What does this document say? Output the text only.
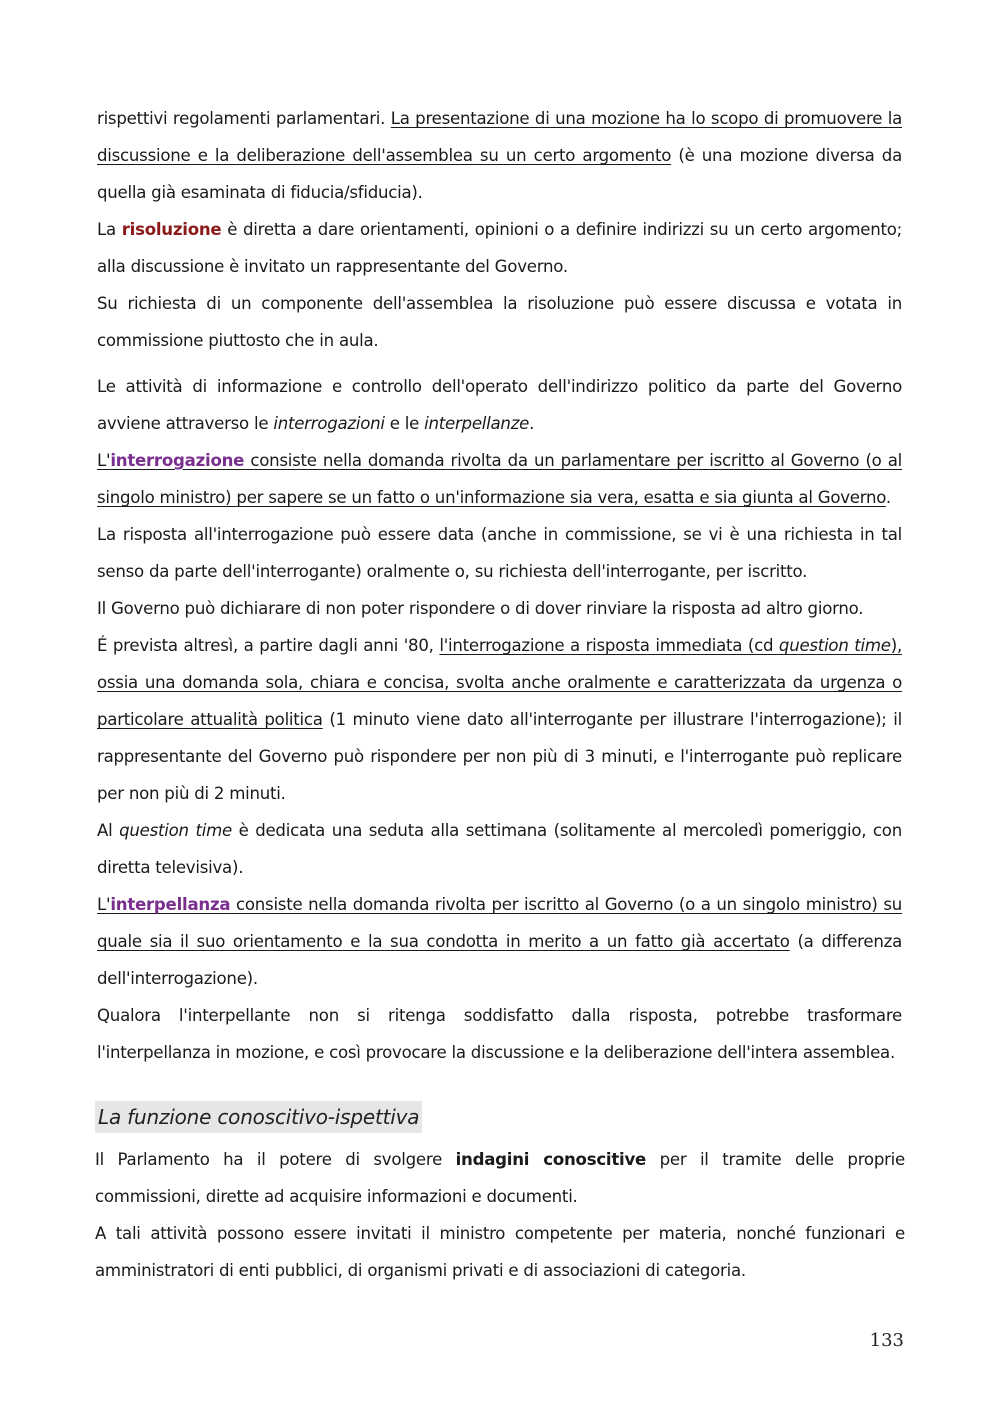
rispettivi regolamenti parlamentari. La presentazione di una mozione ha lo scopo di promuovere la discussione e la deliberazione dell'assemblea su un certo argomento (è una mozione diversa da quella già esaminata di fiducia/sfiducia).

La risoluzione è diretta a dare orientamenti, opinioni o a definire indirizzi su un certo argomento; alla discussione è invitato un rappresentante del Governo.

Su richiesta di un componente dell'assemblea la risoluzione può essere discussa e votata in commissione piuttosto che in aula.

Le attività di informazione e controllo dell'operato dell'indirizzo politico da parte del Governo avviene attraverso le interrogazioni e le interpellanze.

L'interrogazione consiste nella domanda rivolta da un parlamentare per iscritto al Governo (o al singolo ministro) per sapere se un fatto o un'informazione sia vera, esatta e sia giunta al Governo.

La risposta all'interrogazione può essere data (anche in commissione, se vi è una richiesta in tal senso da parte dell'interrogante) oralmente o, su richiesta dell'interrogante, per iscritto.

Il Governo può dichiarare di non poter rispondere o di dover rinviare la risposta ad altro giorno.

É prevista altresì, a partire dagli anni '80, l'interrogazione a risposta immediata (cd question time), ossia una domanda sola, chiara e concisa, svolta anche oralmente e caratterizzata da urgenza o particolare attualità politica (1 minuto viene dato all'interrogante per illustrare l'interrogazione); il rappresentante del Governo può rispondere per non più di 3 minuti, e l'interrogante può replicare per non più di 2 minuti.

Al question time è dedicata una seduta alla settimana (solitamente al mercoledì pomeriggio, con diretta televisiva).

L'interpellanza consiste nella domanda rivolta per iscritto al Governo (o a un singolo ministro) su quale sia il suo orientamento e la sua condotta in merito a un fatto già accertato (a differenza dell'interrogazione).

Qualora l'interpellante non si ritenga soddisfatto dalla risposta, potrebbe trasformare l'interpellanza in mozione, e così provocare la discussione e la deliberazione dell'intera assemblea.

La funzione conoscitivo-ispettiva

Il Parlamento ha il potere di svolgere indagini conoscitive per il tramite delle proprie commissioni, dirette ad acquisire informazioni e documenti.

A tali attività possono essere invitati il ministro competente per materia, nonché funzionari e amministratori di enti pubblici, di organismi privati e di associazioni di categoria.

133
